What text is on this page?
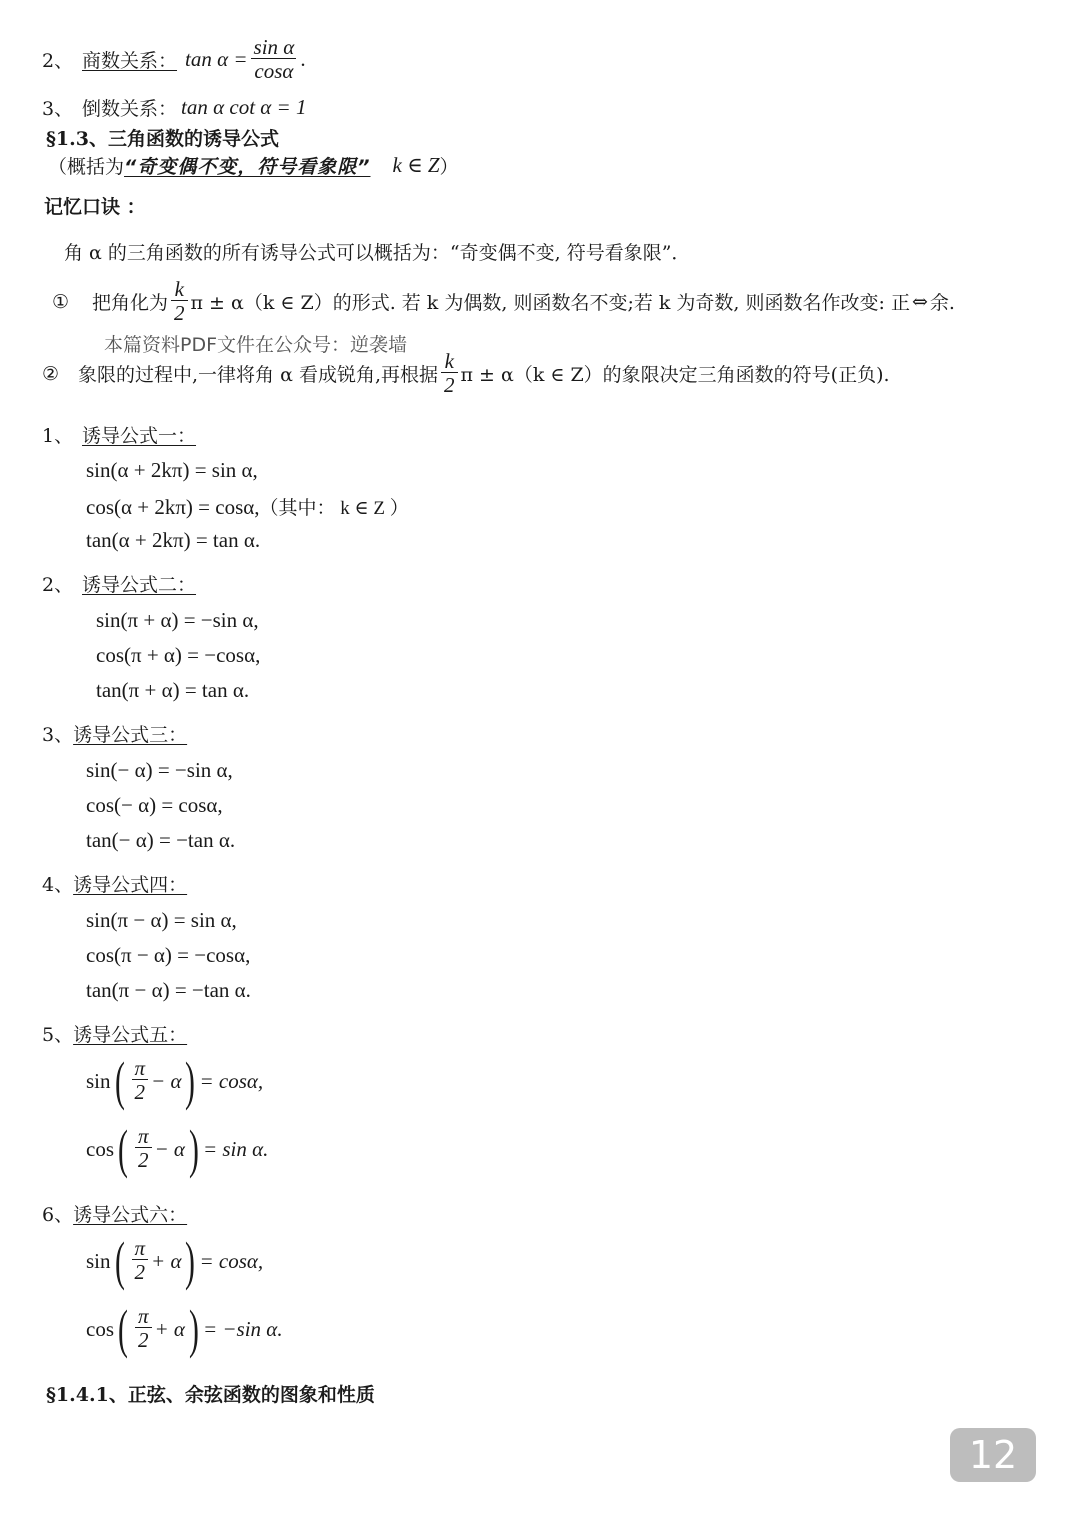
2、 商数关系： $\tan \alpha = \frac{\text{sin α}}{\cos\alpha}$ .
3、 倒数关系： tan α cot α = 1
§1.3、三角函数的诱导公式
（概括为 “奇变偶不变，符号看象限” k ∈ Z ）
记忆口诀 ：
角 α 的三角函数的所有诱导公式可以概括为：“奇变偶不变, 符号看象限”．
①	把角化为 $\frac{k}{2}$ π ± α（k ∈ Z）的形式. 若 k 为偶数, 则函数名不变;若 k 为奇数, 则函数名作改变: 正 ⇔ 余.
本篇资料PDF文件在公众号：逆袭墙
② 象限的过程中,一律将角 α 看成锐角,再根据 $\frac{k}{2}$ π ± α（k ∈ Z）的象限决定三角函数的符号(正负).
1、 诱导公式一：
sin(α + 2kπ) = sin α,
cos(α + 2kπ) = cosα,（其中： k ∈ Z ）
tan(α + 2kπ) = tan α.
2、 诱导公式二：
sin(π + α) = −sin α,
cos(π + α) = −cosα,
tan(π + α) = tan α.
3、 诱导公式三：
sin(− α) = −sin α,
cos(− α) = cosα,
tan(− α) = −tan α.
4、 诱导公式四：
sin(π − α) = sin α,
cos(π − α) = −cosα,
tan(π − α) = −tan α.
5、 诱导公式五：
sin ( $\frac{\pi}{2} - \alpha$ ) = cosα,
cos ( $\frac{\pi}{2} - \alpha$ ) = sin α.
6、 诱导公式六：
sin ( $\frac{\pi}{2} + \alpha$ ) = cosα,
cos ( $\frac{\pi}{2} + \alpha$ ) = −sin α.
§1.4.1、正弦、余弦函数的图象和性质
12
